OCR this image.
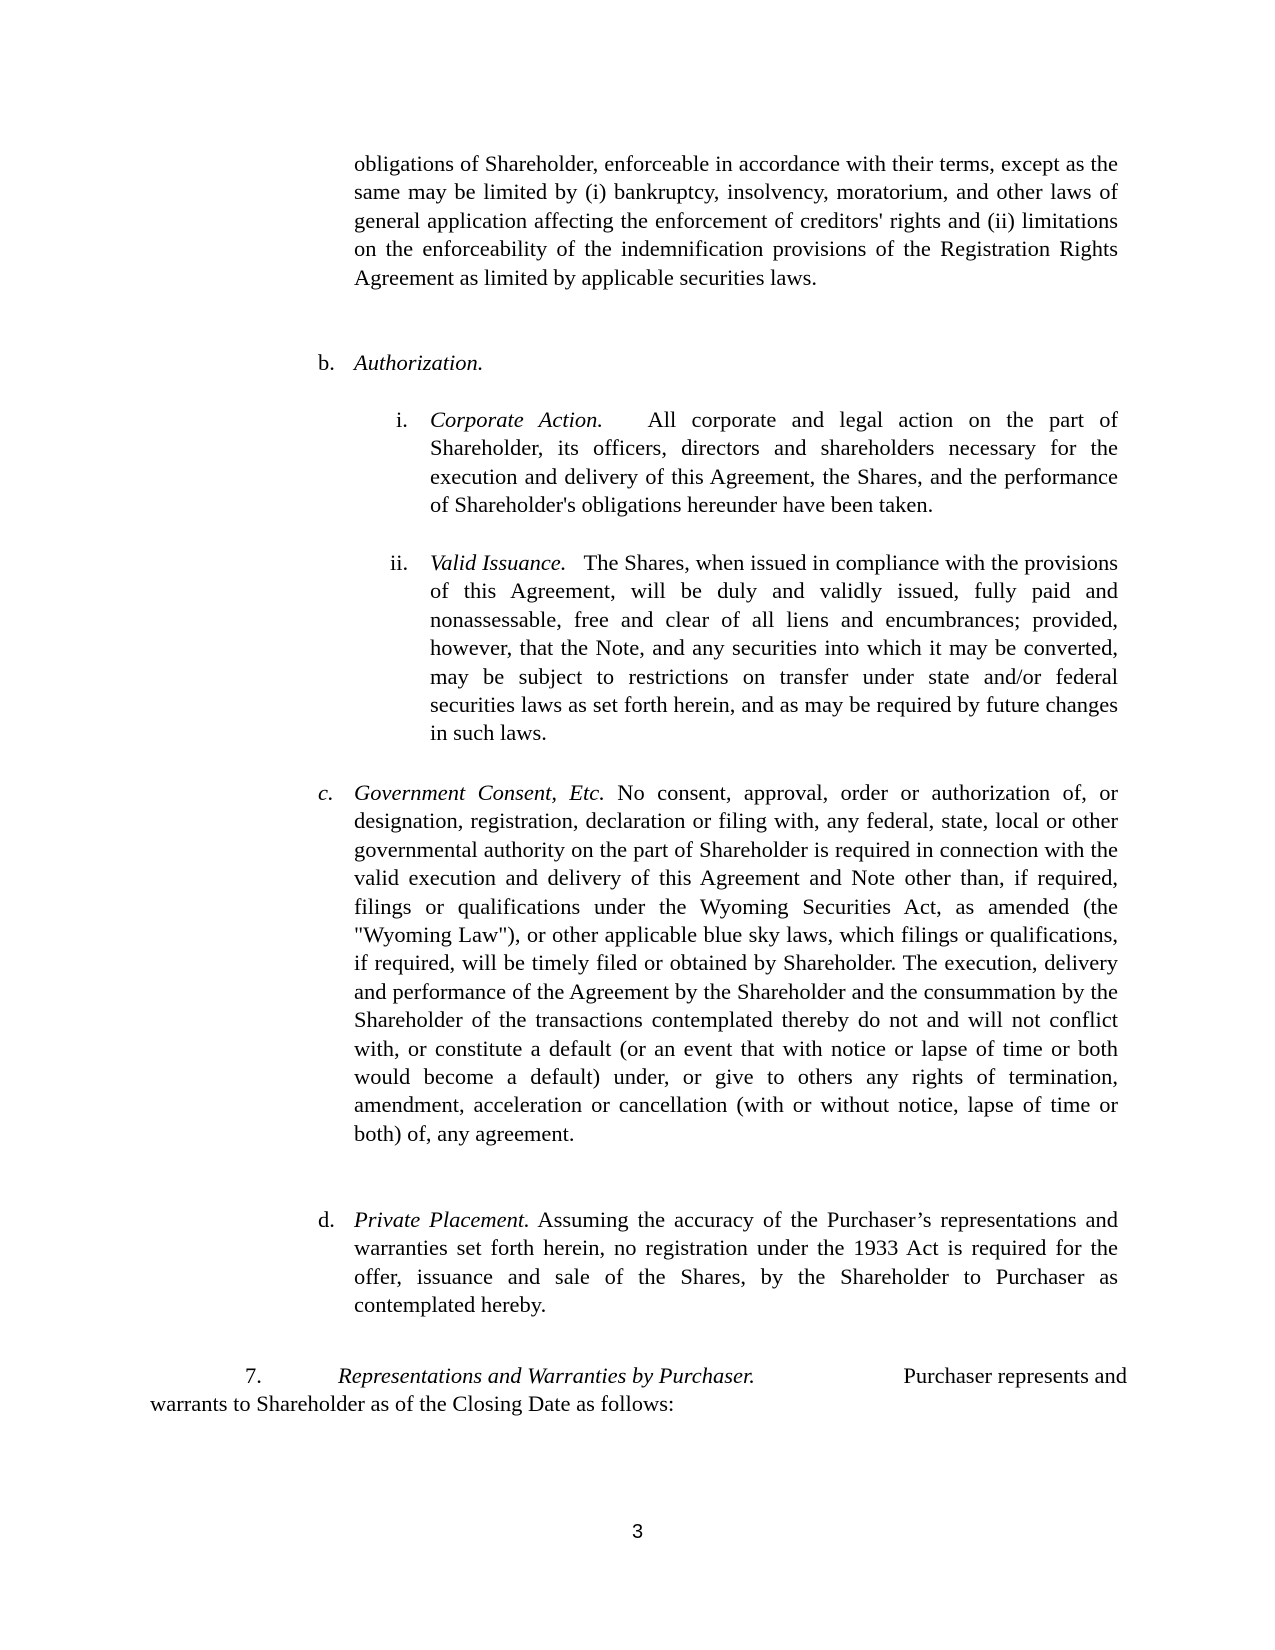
obligations of Shareholder, enforceable in accordance with their terms, except as the same may be limited by (i) bankruptcy, insolvency, moratorium, and other laws of general application affecting the enforcement of creditors' rights and (ii) limitations on the enforceability of the indemnification provisions of the Registration Rights Agreement as limited by applicable securities laws.
b. Authorization.
i. Corporate Action. All corporate and legal action on the part of Shareholder, its officers, directors and shareholders necessary for the execution and delivery of this Agreement, the Shares, and the performance of Shareholder's obligations hereunder have been taken.
ii. Valid Issuance. The Shares, when issued in compliance with the provisions of this Agreement, will be duly and validly issued, fully paid and nonassessable, free and clear of all liens and encumbrances; provided, however, that the Note, and any securities into which it may be converted, may be subject to restrictions on transfer under state and/or federal securities laws as set forth herein, and as may be required by future changes in such laws.
c. Government Consent, Etc. No consent, approval, order or authorization of, or designation, registration, declaration or filing with, any federal, state, local or other governmental authority on the part of Shareholder is required in connection with the valid execution and delivery of this Agreement and Note other than, if required, filings or qualifications under the Wyoming Securities Act, as amended (the "Wyoming Law"), or other applicable blue sky laws, which filings or qualifications, if required, will be timely filed or obtained by Shareholder. The execution, delivery and performance of the Agreement by the Shareholder and the consummation by the Shareholder of the transactions contemplated thereby do not and will not conflict with, or constitute a default (or an event that with notice or lapse of time or both would become a default) under, or give to others any rights of termination, amendment, acceleration or cancellation (with or without notice, lapse of time or both) of, any agreement.
d. Private Placement. Assuming the accuracy of the Purchaser’s representations and warranties set forth herein, no registration under the 1933 Act is required for the offer, issuance and sale of the Shares, by the Shareholder to Purchaser as contemplated hereby.
7.	Representations and Warranties by Purchaser.	Purchaser represents and
warrants to Shareholder as of the Closing Date as follows:
3
